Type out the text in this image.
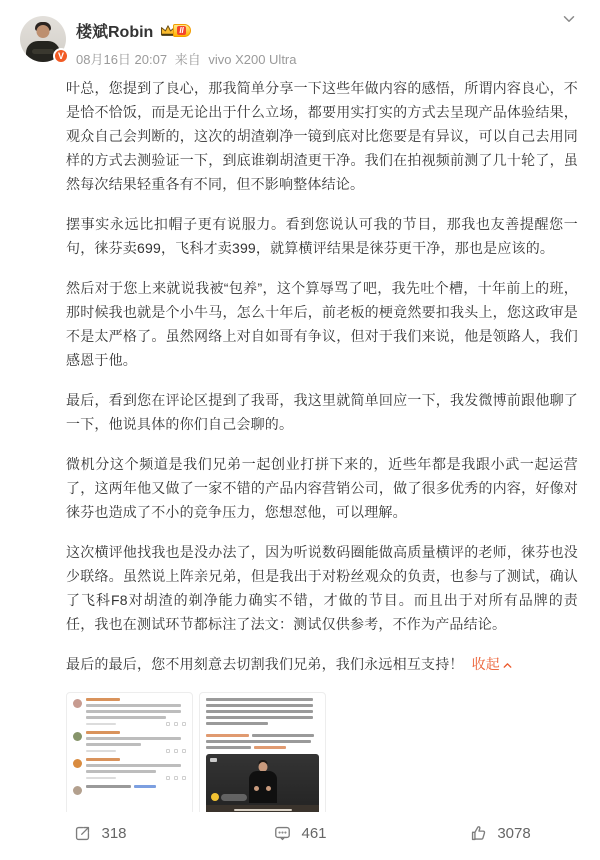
V
楼斌Robin	II
08月16日 20:07 来自 vivo X200 Ultra

叶总，您提到了良心，那我简单分享一下这些年做内容的感悟，所谓内容良心，不是恰不恰饭，而是无论出于什么立场，都要用实打实的方式去呈现产品体验结果，观众自己会判断的，这次的胡渣剃净一镜到底对比您要是有异议，可以自己去用同样的方式去测验证一下，到底谁剃胡渣更干净。我们在拍视频前测了几十轮了，虽然每次结果轻重各有不同，但不影响整体结论。

摆事实永远比扣帽子更有说服力。看到您说认可我的节目，那我也友善提醒您一句，徕芬卖699，飞科才卖399，就算横评结果是徕芬更干净，那也是应该的。

然后对于您上来就说我被“包养”，这个算辱骂了吧，我先吐个槽，十年前上的班，那时候我也就是个小牛马，怎么十年后，前老板的梗竟然要扣我头上，您这政审是不是太严格了。虽然网络上对自如哥有争议，但对于我们来说，他是领路人，我们感恩于他。

最后，看到您在评论区提到了我哥，我这里就简单回应一下，我发微博前跟他聊了一下，他说具体的你们自己会聊的。

微机分这个频道是我们兄弟一起创业打拼下来的，近些年都是我跟小武一起运营了，这两年他又做了一家不错的产品内容营销公司，做了很多优秀的内容，好像对徕芬也造成了不小的竞争压力，您想怼他，可以理解。

这次横评他找我也是没办法了，因为听说数码圈能做高质量横评的老师，徕芬也没少联络。虽然说上阵亲兄弟，但是我出于对粉丝观众的负责，也参与了测试，确认了飞科F8对胡渣的剃净能力确实不错，才做的节目。而且出于对所有品牌的责任，我也在测试环节都标注了法文：测试仅供参考，不作为产品结论。

最后的最后，您不用刻意去切割我们兄弟，我们永远相互支持！ 收起

318	461	3078
